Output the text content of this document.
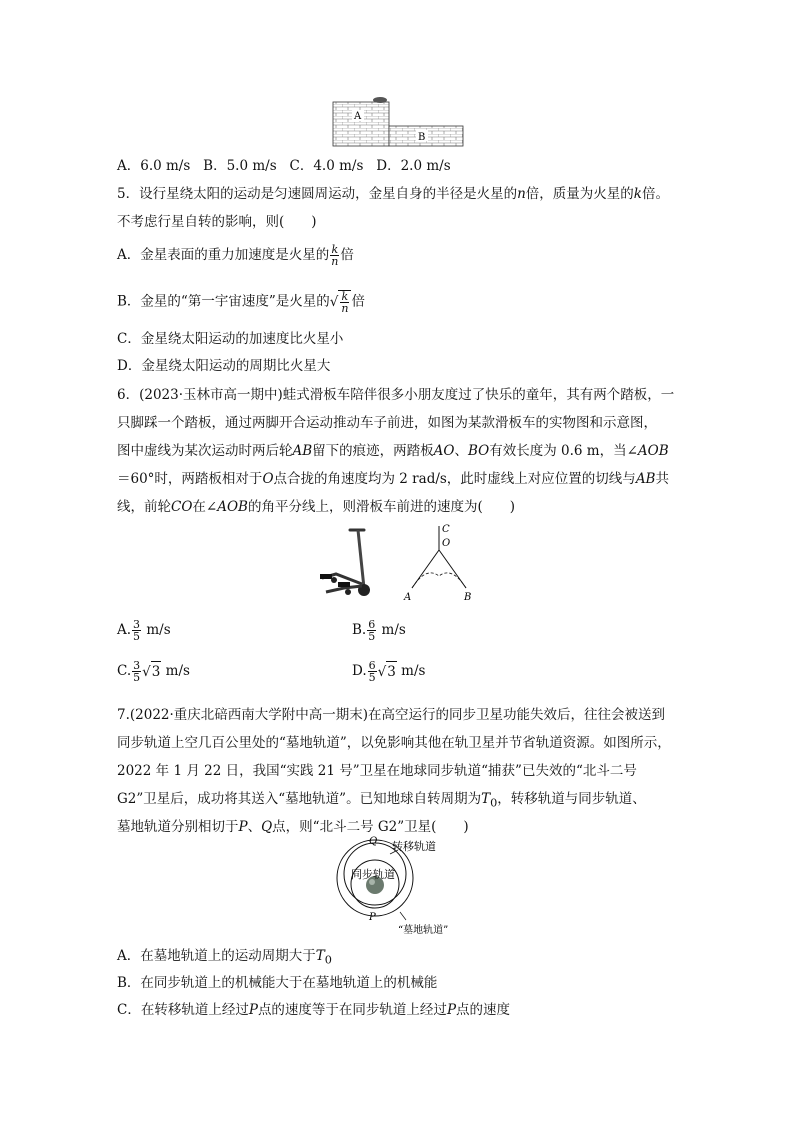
A
B
A．6.0 m/s B．5.0 m/s C．4.0 m/s D．2.0 m/s
5．设行星绕太阳的运动是匀速圆周运动，金星自身的半径是火星的n倍，质量为火星的k倍。
不考虑行星自转的影响，则(　　)
A．金星表面的重力加速度是火星的 $\frac{k}{n}$ 倍
B．金星的“第一宇宙速度”是火星的√ $\frac{k}{n}$ 倍
C．金星绕太阳运动的加速度比火星小
D．金星绕太阳运动的周期比火星大
6．(2023·玉林市高一期中)蛙式滑板车陪伴很多小朋友度过了快乐的童年，其有两个踏板，一
只脚踩一个踏板，通过两脚开合运动推动车子前进，如图为某款滑板车的实物图和示意图，
图中虚线为某次运动时两后轮AB留下的痕迹，两踏板AO、BO有效长度为 0.6 m，当∠AOB
＝60°时，两踏板相对于O点合拢的角速度均为 2 rad/s，此时虚线上对应位置的切线与AB共
线，前轮CO在∠AOB的角平分线上，则滑板车前进的速度为(　　)
C
O
A	B
A. $\frac{3}{5} m/s$	B. $\frac{6}{5} m/s$
C. $\frac{3}{5} √3$ m/s	D. $\frac{6}{5} √3$ m/s
7.(2022·重庆北碚西南大学附中高一期末)在高空运行的同步卫星功能失效后，往往会被送到
同步轨道上空几百公里处的“墓地轨道”，以免影响其他在轨卫星并节省轨道资源。如图所示，
2022 年 1 月 22 日，我国“实践 21 号”卫星在地球同步轨道“捕获”已失效的“北斗二号
G2”卫星后，成功将其送入“墓地轨道”。已知地球自转周期为$T_0$，转移轨道与同步轨道、
墓地轨道分别相切于P、Q点，则“北斗二号 G2”卫星(　　)
Q
P
同步轨道
转移轨道
“墓地轨道”
A．在墓地轨道上的运动周期大于$T_0$
B．在同步轨道上的机械能大于在墓地轨道上的机械能
C．在转移轨道上经过P点的速度等于在同步轨道上经过P点的速度
